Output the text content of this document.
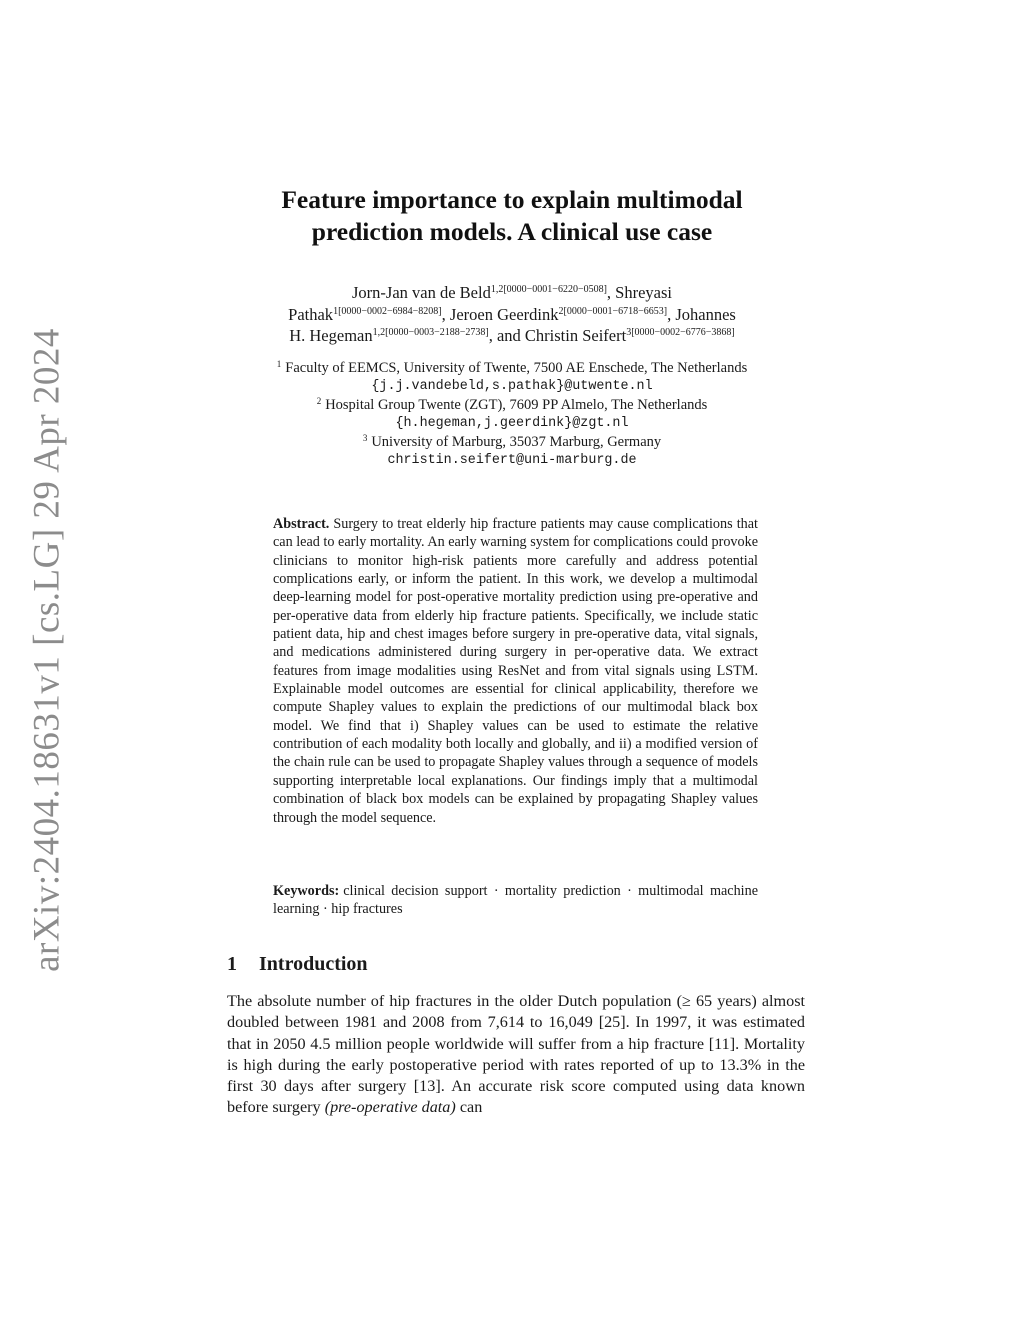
arXiv:2404.18631v1 [cs.LG] 29 Apr 2024
Feature importance to explain multimodal
prediction models. A clinical use case
Jorn-Jan van de Beld$^{1,2[0000-0001-6220-0508]}$, Shreyasi
Pathak$^{1[0000-0002-6984-8208]}$, Jeroen Geerdink$^{2[0000-0001-6718-6653]}$, Johannes
H. Hegeman$^{1,2[0000-0003-2188-2738]}$, and Christin Seifert$^{3[0000-0002-6776-3868]}$
$^1$ Faculty of EEMCS, University of Twente, 7500 AE Enschede, The Netherlands
{j.j.vandebeld,s.pathak}@utwente.nl
$^2$ Hospital Group Twente (ZGT), 7609 PP Almelo, The Netherlands
{h.hegeman,j.geerdink}@zgt.nl
$^3$ University of Marburg, 35037 Marburg, Germany
christin.seifert@uni-marburg.de
Abstract. Surgery to treat elderly hip fracture patients may cause complications that can lead to early mortality. An early warning system for complications could provoke clinicians to monitor high-risk patients more carefully and address potential complications early, or inform the patient. In this work, we develop a multimodal deep-learning model for post-operative mortality prediction using pre-operative and per-operative data from elderly hip fracture patients. Specifically, we include static patient data, hip and chest images before surgery in pre-operative data, vital signals, and medications administered during surgery in per-operative data. We extract features from image modalities using ResNet and from vital signals using LSTM. Explainable model outcomes are essential for clinical applicability, therefore we compute Shapley values to explain the predictions of our multimodal black box model. We find that i) Shapley values can be used to estimate the relative contribution of each modality both locally and globally, and ii) a modified version of the chain rule can be used to propagate Shapley values through a sequence of models supporting interpretable local explanations. Our findings imply that a multimodal combination of black box models can be explained by propagating Shapley values through the model sequence.
Keywords: clinical decision support · mortality prediction · multimodal machine learning · hip fractures
1 Introduction
The absolute number of hip fractures in the older Dutch population (≥ 65 years) almost doubled between 1981 and 2008 from 7,614 to 16,049 [25]. In 1997, it was estimated that in 2050 4.5 million people worldwide will suffer from a hip fracture [11]. Mortality is high during the early postoperative period with rates reported of up to 13.3% in the first 30 days after surgery [13]. An accurate risk score computed using data known before surgery (pre-operative data) can
